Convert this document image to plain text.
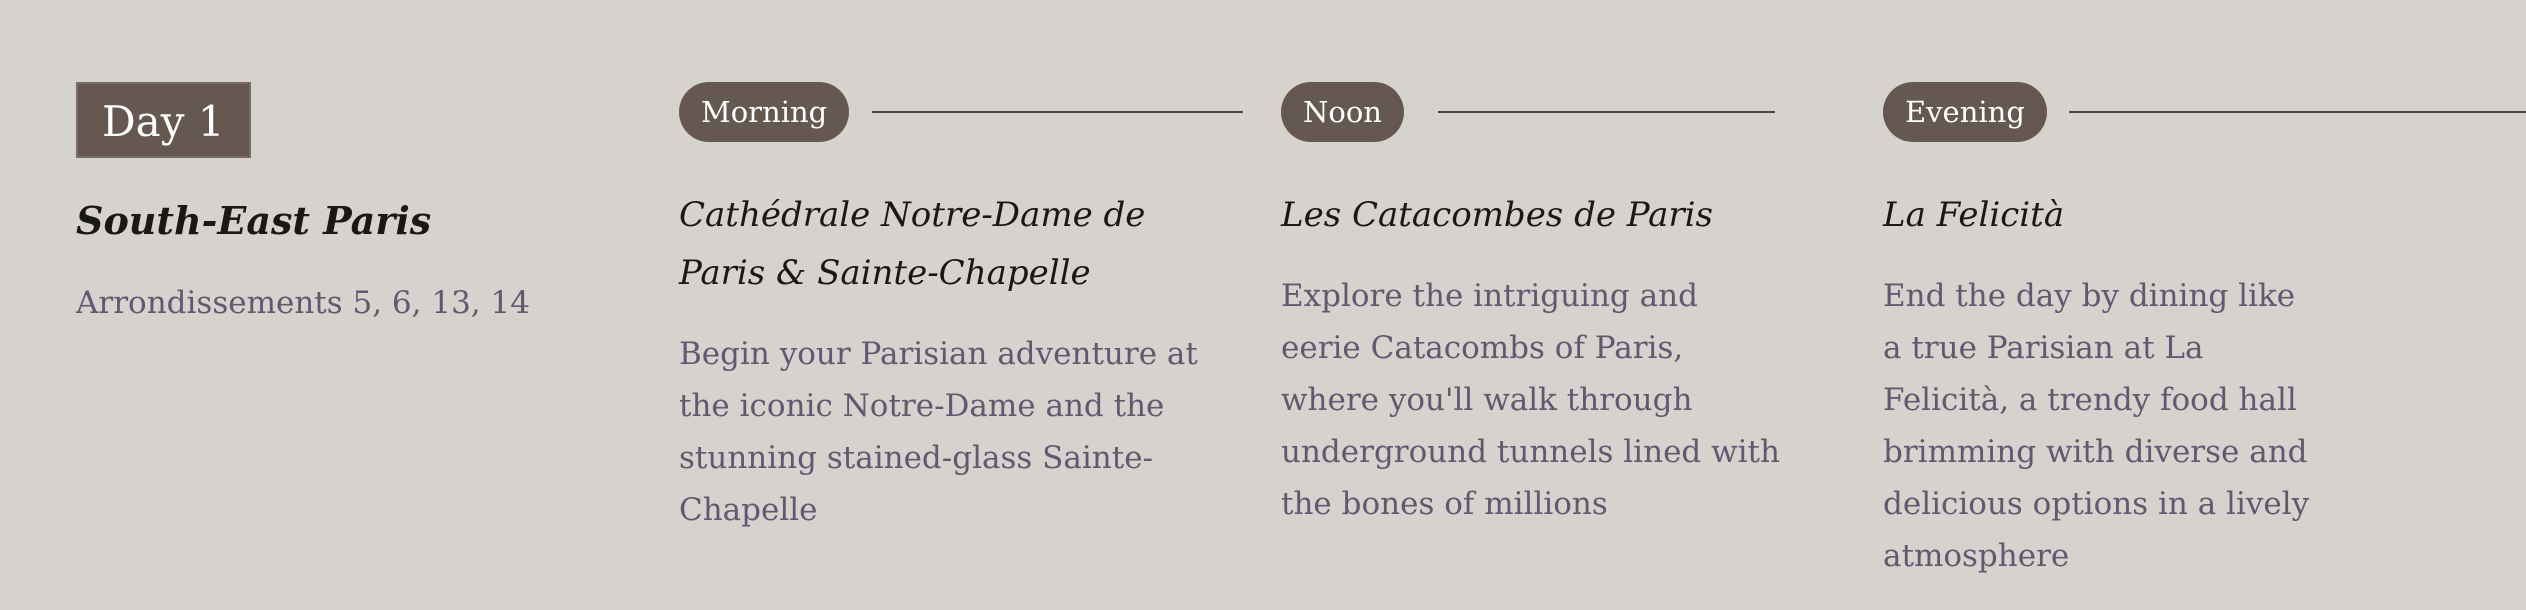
Day 1
South-East Paris
Arrondissements 5, 6, 13, 14
Morning
Cathédrale Notre-Dame de Paris & Sainte-Chapelle
Begin your Parisian adventure at the iconic Notre-Dame and the stunning stained-glass Sainte-Chapelle
Noon
Les Catacombes de Paris
Explore the intriguing and eerie Catacombs of Paris, where you'll walk through underground tunnels lined with the bones of millions
Evening
La Felicità
End the day by dining like a true Parisian at La Felicità, a trendy food hall brimming with diverse and delicious options in a lively atmosphere
